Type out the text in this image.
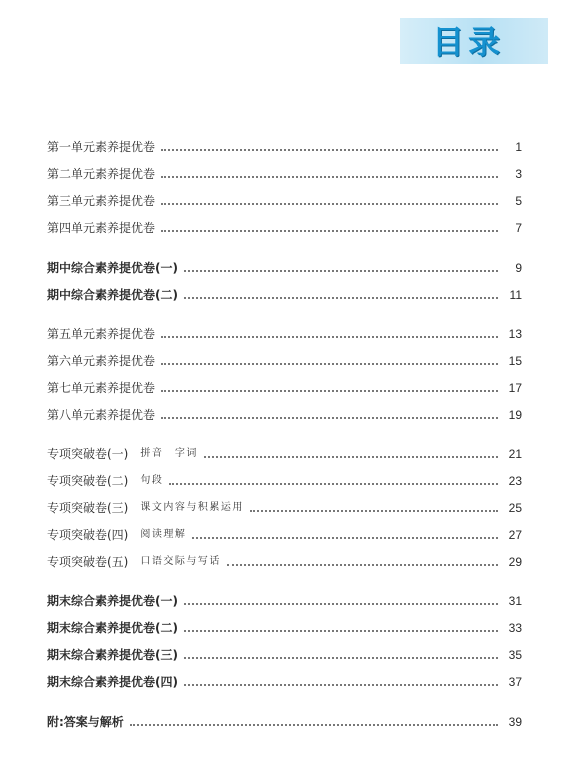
目录
第一单元素养提优卷	1
第二单元素养提优卷	3
第三单元素养提优卷	5
第四单元素养提优卷	7
期中综合素养提优卷(一)	9
期中综合素养提优卷(二)	11
第五单元素养提优卷	13
第六单元素养提优卷	15
第七单元素养提优卷	17
第八单元素养提优卷	19
专项突破卷(一) 拼音　字词	21
专项突破卷(二) 句段	23
专项突破卷(三) 课文内容与积累运用	25
专项突破卷(四) 阅读理解	27
专项突破卷(五) 口语交际与写话	29
期末综合素养提优卷(一)	31
期末综合素养提优卷(二)	33
期末综合素养提优卷(三)	35
期末综合素养提优卷(四)	37
附:答案与解析	39
